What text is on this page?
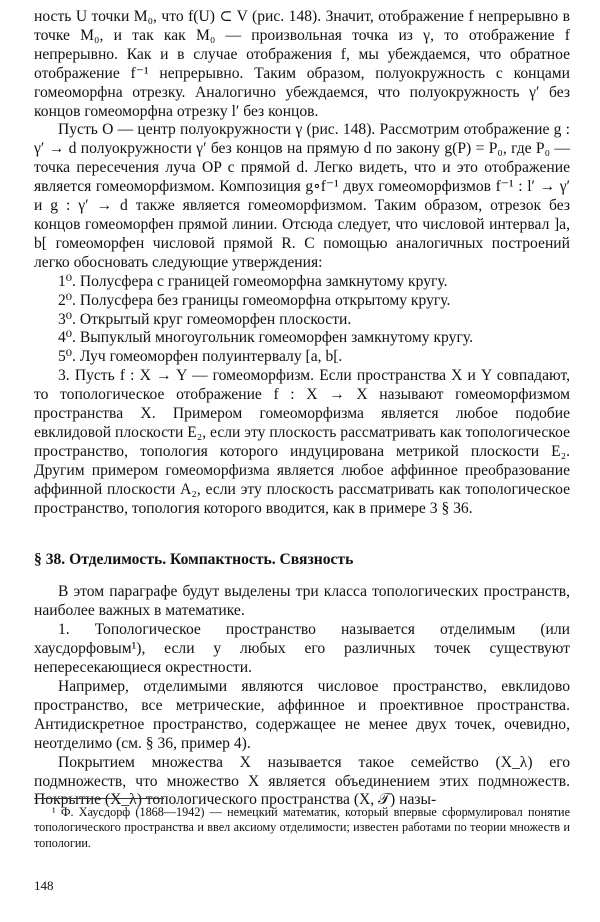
ность U точки M₀, что f(U) ⊂ V (рис. 148). Значит, отображение f непрерывно в точке M₀, и так как M₀ — произвольная точка из γ, то отображение f непрерывно. Как и в случае отображения f, мы убеждаемся, что обратное отображение f⁻¹ непрерывно. Таким образом, полуокружность с концами гомеоморфна отрезку. Аналогично убеждаемся, что полуокружность γ′ без концов гомеоморфна отрезку l′ без концов.

Пусть O — центр полуокружности γ (рис. 148). Рассмотрим отображение g : γ′ → d полуокружности γ′ без концов на прямую d по закону g(P) = P₀, где P₀ — точка пересечения луча OP с прямой d. Легко видеть, что и это отображение является гомеоморфизмом. Композиция g∘f⁻¹ двух гомеоморфизмов f⁻¹ : l′ → γ′ и g : γ′ → d также является гомеоморфизмом. Таким образом, отрезок без концов гомеоморфен прямой линии. Отсюда следует, что числовой интервал ]a, b[ гомеоморфен числовой прямой R. С помощью аналогичных построений легко обосновать следующие утверждения:

1⁰. Полусфера с границей гомеоморфна замкнутому кругу.

2⁰. Полусфера без границы гомеоморфна открытому кругу.

3⁰. Открытый круг гомеоморфен плоскости.

4⁰. Выпуклый многоугольник гомеоморфен замкнутому кругу.

5⁰. Луч гомеоморфен полуинтервалу [a, b[.

3. Пусть f : X → Y — гомеоморфизм. Если пространства X и Y совпадают, то топологическое отображение f : X → X называют гомеоморфизмом пространства X. Примером гомеоморфизма является любое подобие евклидовой плоскости E₂, если эту плоскость рассматривать как топологическое пространство, топология которого индуцирована метрикой плоскости E₂. Другим примером гомеоморфизма является любое аффинное преобразование аффинной плоскости A₂, если эту плоскость рассматривать как топологическое пространство, топология которого вводится, как в примере 3 § 36.

§ 38. Отделимость. Компактность. Связность

В этом параграфе будут выделены три класса топологических пространств, наиболее важных в математике.

1. Топологическое пространство называется отделимым (или хаусдорфовым¹), если у любых его различных точек существуют непересекающиеся окрестности.

Например, отделимыми являются числовое пространство, евклидово пространство, все метрические, аффинное и проективное пространства. Антидискретное пространство, содержащее не менее двух точек, очевидно, неотделимо (см. § 36, пример 4).

Покрытием множества X называется такое семейство (X_λ) его подмножеств, что множество X является объединением этих подмножеств. Покрытие (X_λ) топологического пространства (X, 𝒯) назы-

¹ Ф. Хаусдорф (1868—1942) — немецкий математик, который впервые сформулировал понятие топологического пространства и ввел аксиому отделимости; известен работами по теории множеств и топологии.

148
